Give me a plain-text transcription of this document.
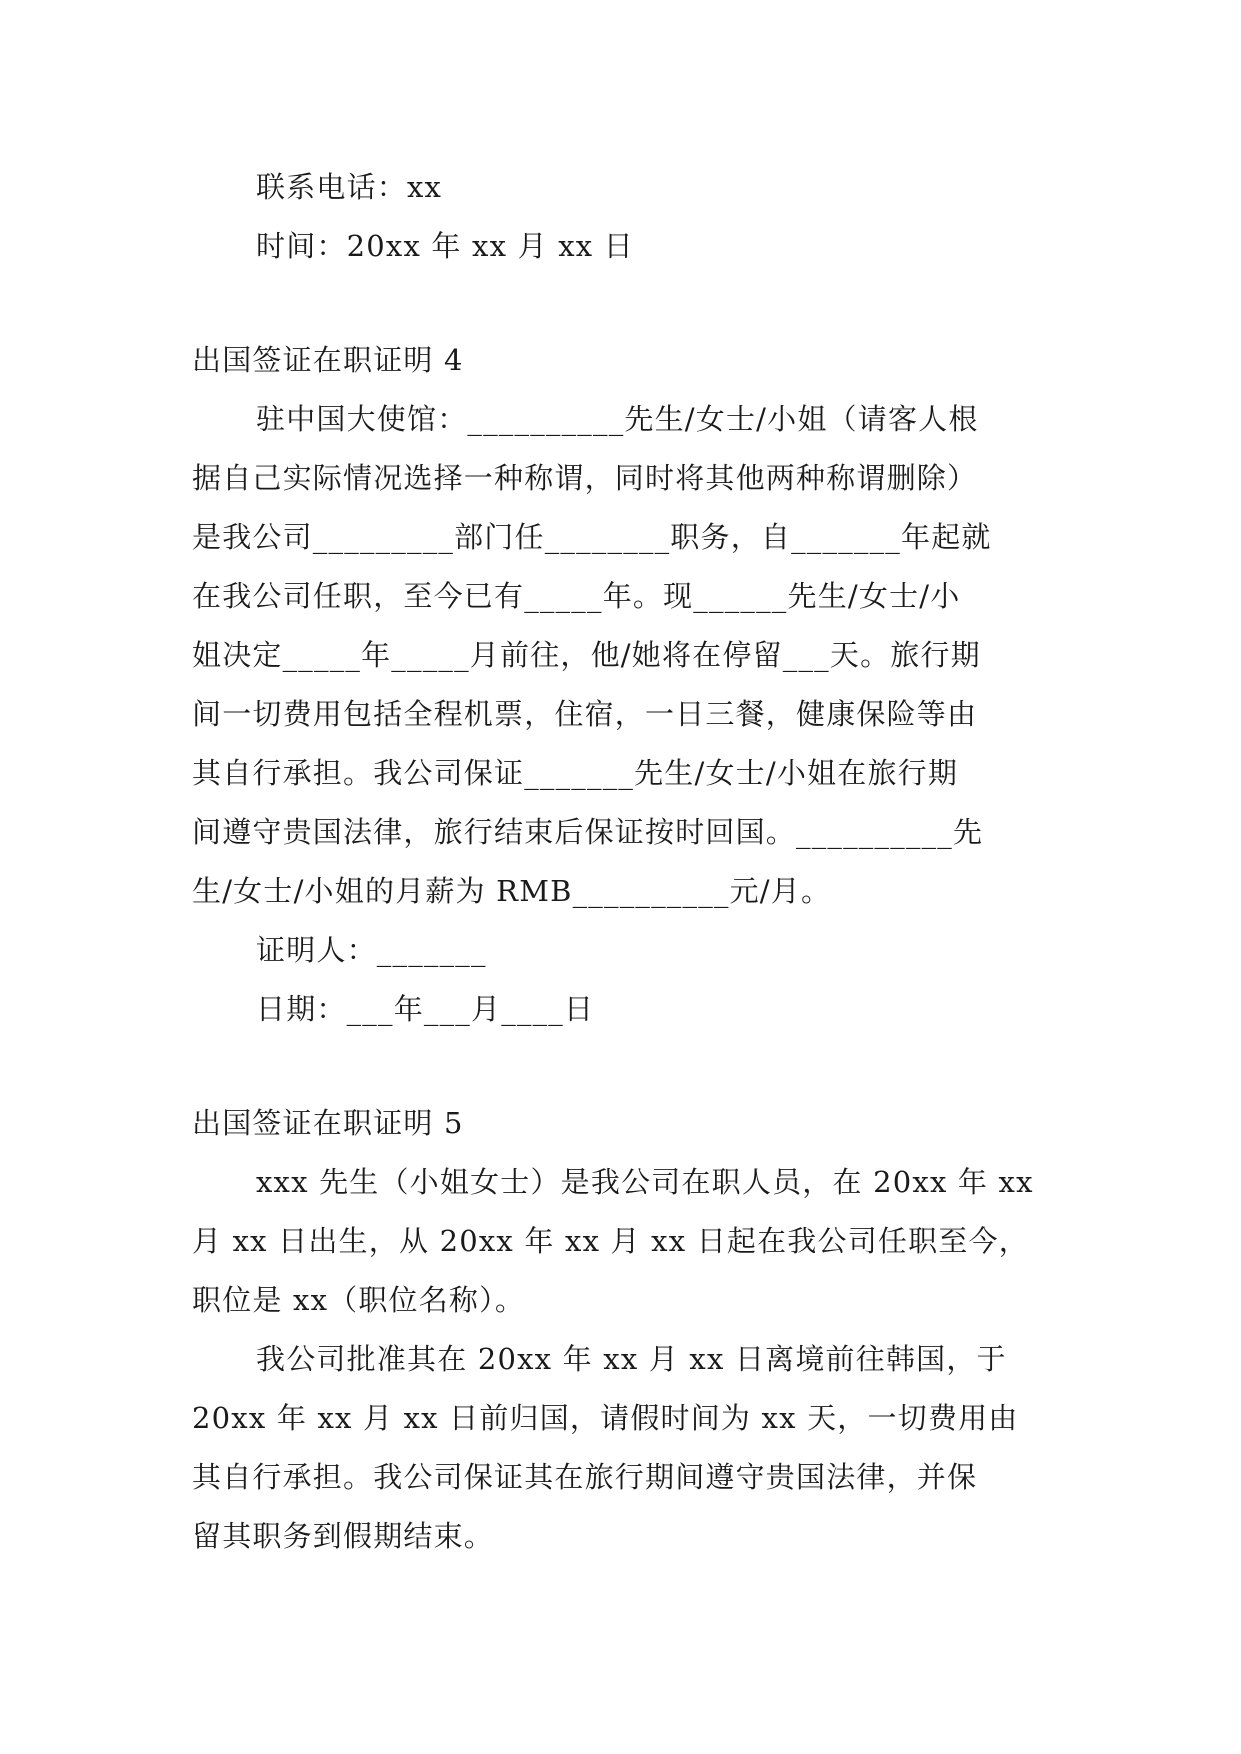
联系电话：xx
时间：20xx 年 xx 月 xx 日
出国签证在职证明 4
驻中国大使馆：__________先生/女士/小姐（请客人根
据自己实际情况选择一种称谓，同时将其他两种称谓删除）
是我公司_________部门任________职务，自_______年起就
在我公司任职，至今已有_____年。现______先生/女士/小
姐决定_____年_____月前往，他/她将在停留___天。旅行期
间一切费用包括全程机票，住宿，一日三餐，健康保险等由
其自行承担。我公司保证_______先生/女士/小姐在旅行期
间遵守贵国法律，旅行结束后保证按时回国。__________先
生/女士/小姐的月薪为 RMB__________元/月。
证明人：_______
日期：___年___月____日
出国签证在职证明 5
xxx 先生（小姐女士）是我公司在职人员，在 20xx 年 xx
月 xx 日出生，从 20xx 年 xx 月 xx 日起在我公司任职至今，
职位是 xx（职位名称）。
我公司批准其在 20xx 年 xx 月 xx 日离境前往韩国，于
20xx 年 xx 月 xx 日前归国，请假时间为 xx 天，一切费用由
其自行承担。我公司保证其在旅行期间遵守贵国法律，并保
留其职务到假期结束。
